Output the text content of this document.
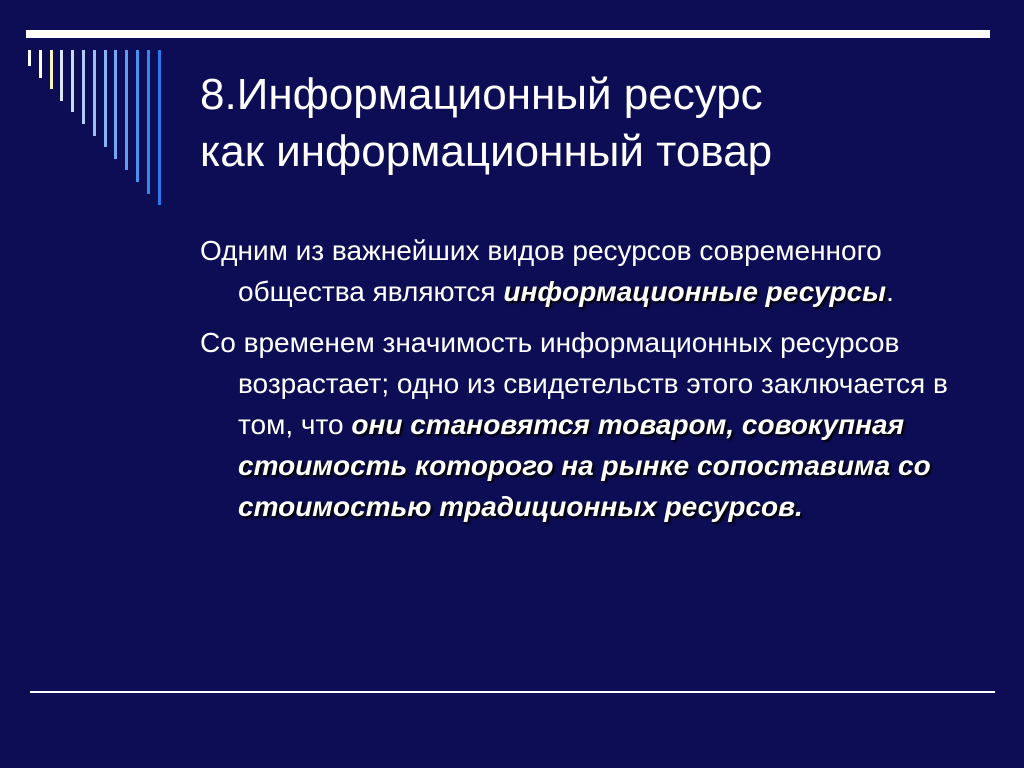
8.Информационный ресурс
как информационный товар

Одним из важнейших видов ресурсов современного общества являются информационные ресурсы.

Со временем значимость информационных ресурсов возрастает; одно из свидетельств этого заключается в том, что они становятся товаром, совокупная стоимость которого на рынке сопоставима со стоимостью традиционных ресурсов.
